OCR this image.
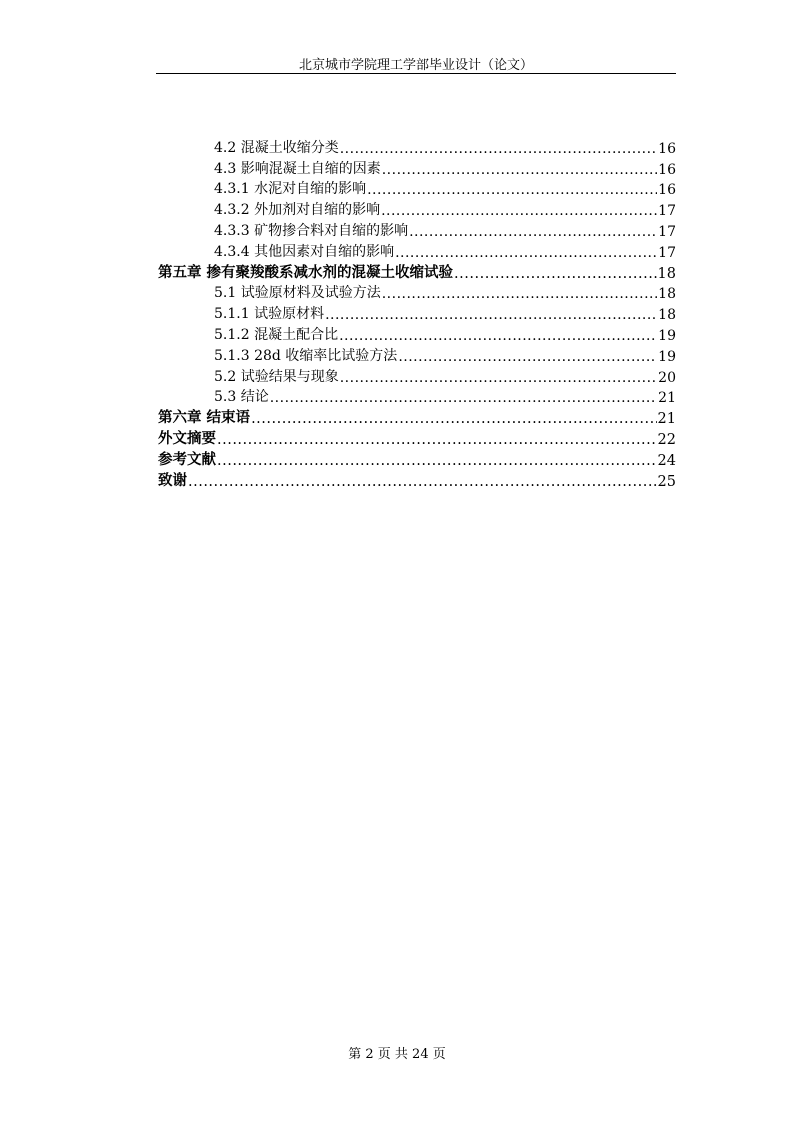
北京城市学院理工学部毕业设计（论文）
4.2 混凝土收缩分类 .....	16
4.3 影响混凝土自缩的因素 .....	16
4.3.1 水泥对自缩的影响 .....	16
4.3.2 外加剂对自缩的影响 .....	17
4.3.3 矿物掺合料对自缩的影响 .....	17
4.3.4 其他因素对自缩的影响 .....	17
第五章 掺有聚羧酸系减水剂的混凝土收缩试验 .....	18
5.1 试验原材料及试验方法 .....	18
5.1.1 试验原材料 .....	18
5.1.2 混凝土配合比 .....	19
5.1.3 28d 收缩率比试验方法 .....	19
5.2 试验结果与现象 .....	20
5.3 结论 .....	21
第六章 结束语 .....	21
外文摘要 .....	22
参考文献 .....	24
致谢 .....	25
第 2 页 共 24 页
